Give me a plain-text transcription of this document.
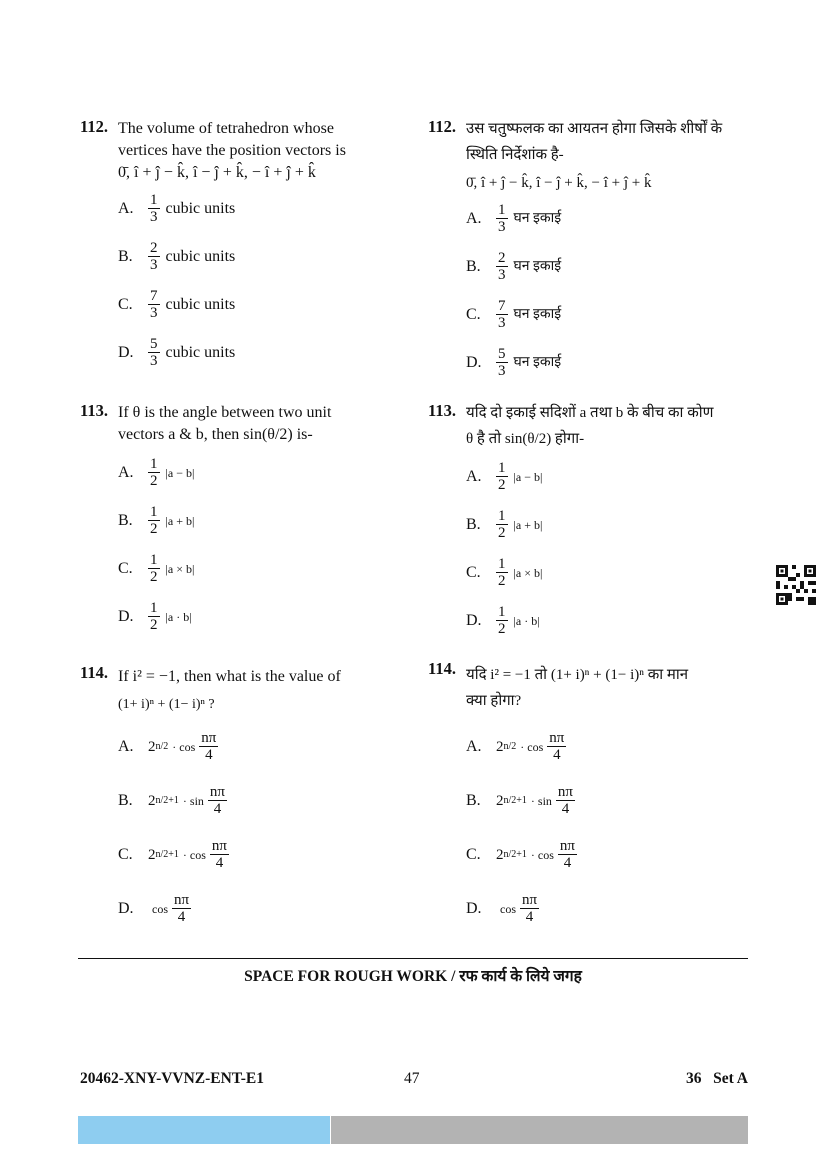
112. The volume of tetrahedron whose
vertices have the position vectors is
0̄, î + ĵ − k̂, î − ĵ + k̂, − î + ĵ + k̂
A. $\frac{1}{3}$ cubic units
B.	$\frac{2}{3}$ cubic units
C.	$\frac{7}{3}$ cubic units
D. $\frac{5}{3}$ cubic units
113. If θ is the angle between two unit
vectors a & b, then sin(θ/2) is-
A. $\frac{1}{2} |a - b|$
B.	$\frac{1}{2} |a + b|$
C.	$\frac{1}{2} |a \times b|$
D. $\frac{1}{2} |a \cdot b|$
114. If i² = −1, then what is the value of
(1+ i)ⁿ + (1− i)ⁿ ?
A. 2 $n/2 \cdot \cos \frac{n\pi}{4}$
B.	2 $n/2+1 \cdot \sin \frac{n\pi}{4}$
C.	2 $n/2+1 \cdot \cos \frac{n\pi}{4}$
D.	$\cos \frac{n\pi}{4}$
112. उस चतुष्फलक का आयतन होगा जिसके शीर्षों के
स्थिति निर्देशांक है-
0̄, î + ĵ − k̂, î − ĵ + k̂, − î + ĵ + k̂
A. $\frac{1}{3}$ घन इकाई
B.	$\frac{2}{3}$ घन इकाई
C.	$\frac{7}{3}$ घन इकाई
D. $\frac{5}{3}$ घन इकाई
113. यदि दो इकाई सदिशों a तथा b के बीच का कोण
θ है तो sin(θ/2) होगा-
A. $\frac{1}{2} |a - b|$
B.	$\frac{1}{2} |a + b|$
C.	$\frac{1}{2} |a \times b|$
D. $\frac{1}{2} |a \cdot b|$
114. यदि i² = −1 तो (1+ i)ⁿ + (1− i)ⁿ का मान
क्या होगा?
A. 2 $n/2 \cdot \cos \frac{n\pi}{4}$
B.	2 $n/2+1 \cdot \sin \frac{n\pi}{4}$
C.	2 $n/2+1 \cdot \cos \frac{n\pi}{4}$
D.	$\cos \frac{n\pi}{4}$
SPACE FOR ROUGH WORK / रफ कार्य के लिये जगह
20462-XNY-VVNZ-ENT-E1	47	36   Set A
